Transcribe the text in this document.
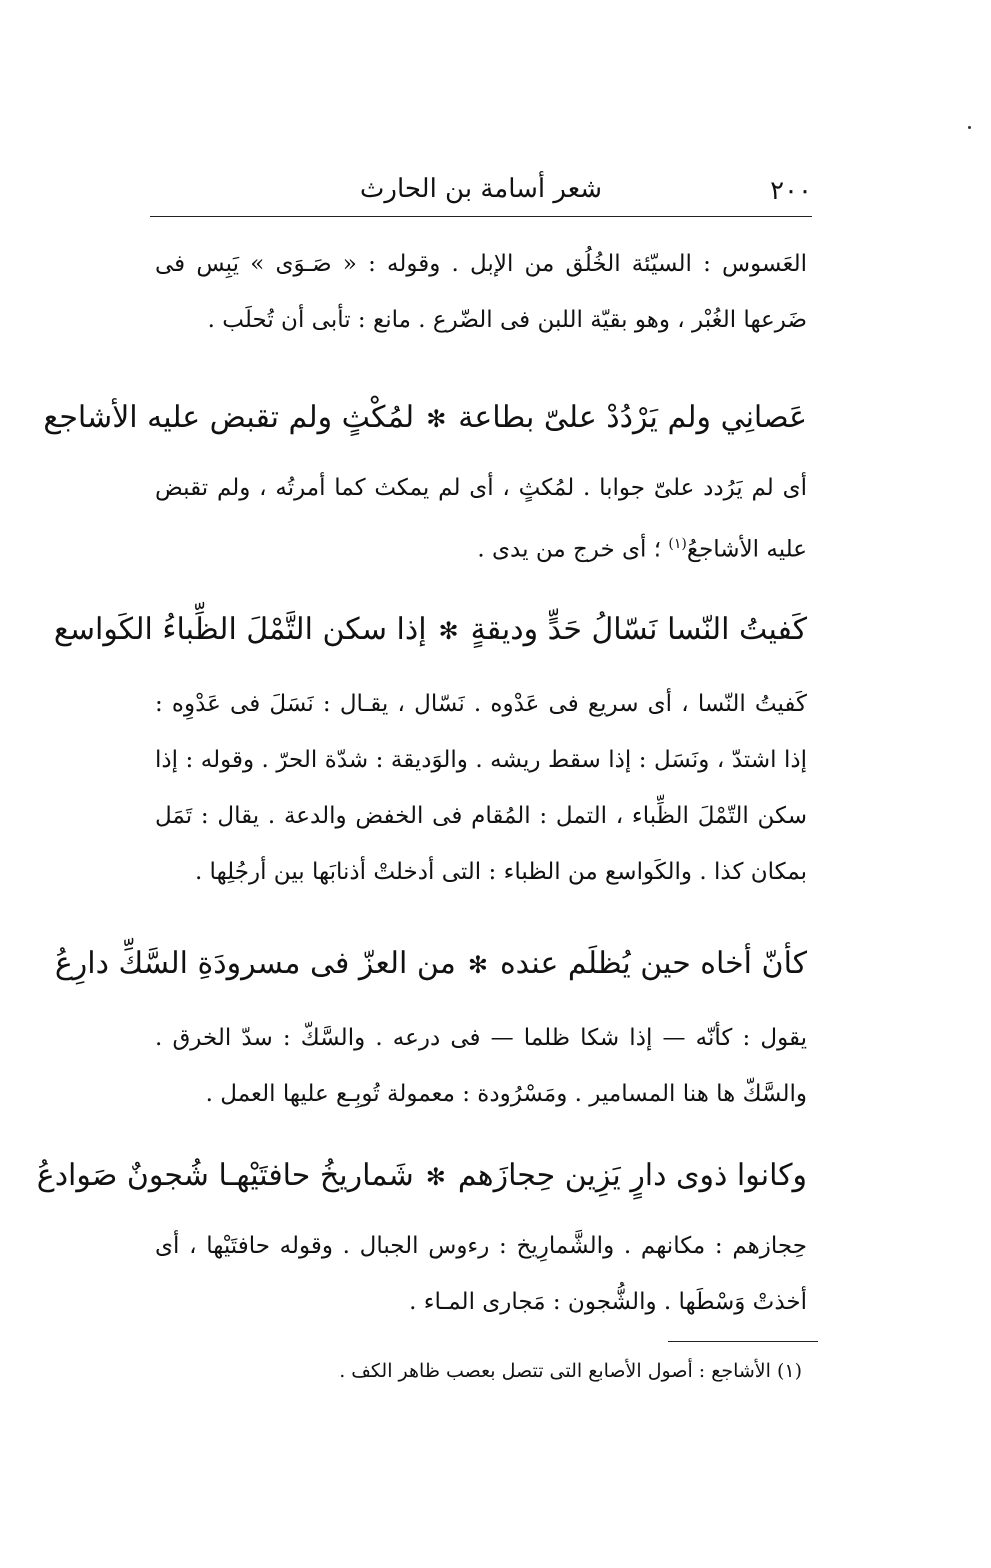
٢٠٠
شعر أسامة بن الحارث

العَسوس : السيّئة الخُلُق من الإبل . وقوله : « صَـوَى » يَبِس فى ضَرعها الغُبْر ، وهو بقيّة اللبن فى الضّرع . مانع : تأبى أن تُحلَب .

عَصانِي ولم يَرْدُدْ علىّ بطاعة
✻
لمُكْثٍ ولم تقبض عليه الأشاجع

أى لم يَرُدد علىّ جوابا . لمُكثٍ ، أى لم يمكث كما أمرتُه ، ولم تقبض عليه الأشاجعُ$^{(١)}$ ؛ أى خرج من يدى .

كَفيتُ النّسا نَسّالُ حَدٍّ وديقةٍ
✻
إذا سكن التَّمْلَ الظِّباءُ الكَواسع

كَفيتُ النّسا ، أى سريع فى عَدْوه . نَسّال ، يقـال : نَسَلَ فى عَدْوِه : إذا اشتدّ ، ونَسَل : إذا سقط ريشه . والوَديقة : شدّة الحرّ . وقوله : إذا سكن التّمْلَ الظِّباء ، التمل : المُقام فى الخفض والدعة . يقال : تَمَل بمكان كذا . والكَواسع من الظباء : التى أدخلتْ أذنابَها بين أرجُلِها .

كأنّ أخاه حين يُظلَم عنده
✻
من العزّ فى مسرودَةِ السَّكِّ دارِعُ

يقول : كأنّه — إذا شكا ظلما — فى درعه . والسَّكّ : سدّ الخرق . والسَّكّ ها هنا المسامير . ومَسْرُودة : معمولة تُوبِـع عليها العمل .

وكانوا ذوى دارٍ يَزِين حِجازَهم
✻
شَماريخُ حافتَيْهـا شُجونٌ صَوادعُ

حِجازهم : مكانهم . والشَّمارِيخ : رءوس الجبال . وقوله حافتَيْها ، أى أخذتْ وَسْطَها . والشُّجون : مَجارى المـاء .

(١) الأشاجع : أصول الأصابع التى تتصل بعصب ظاهر الكف .
